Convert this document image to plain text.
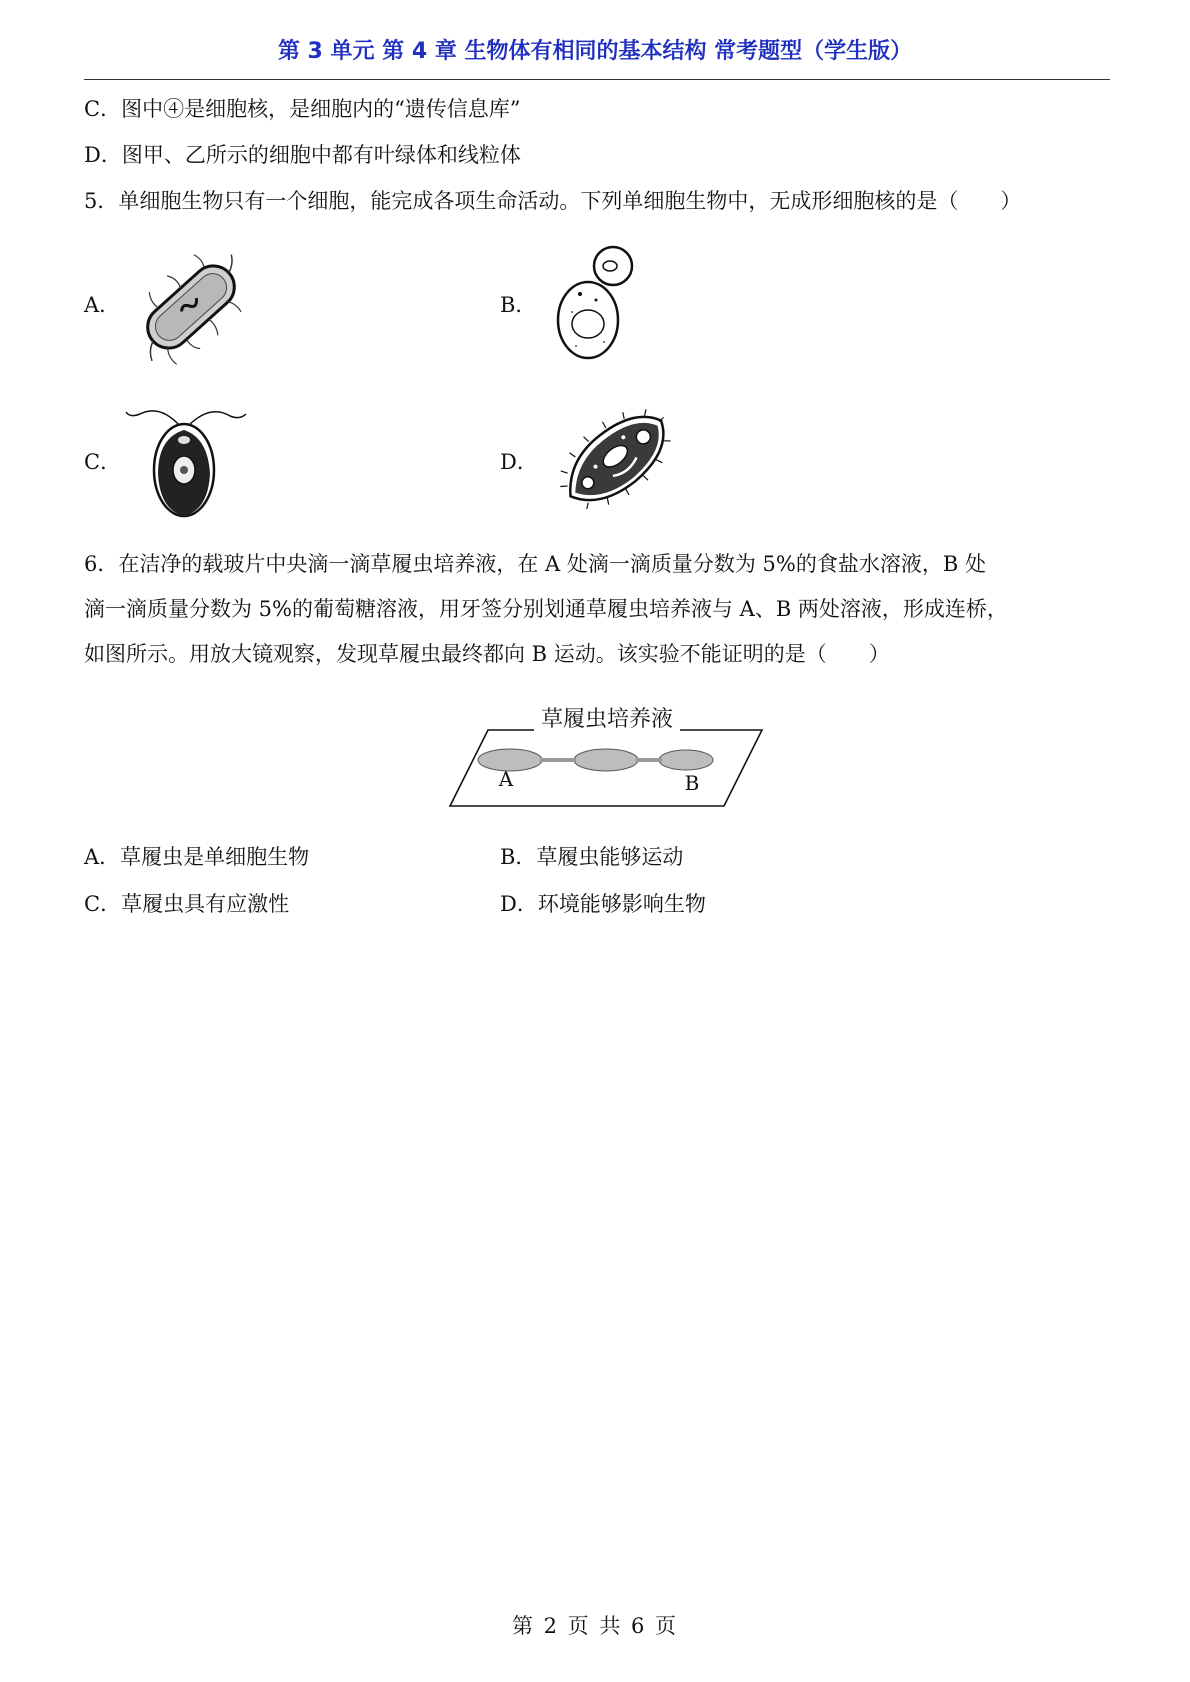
第 3 单元 第 4 章 生物体有相同的基本结构 常考题型（学生版）
C．图中④是细胞核，是细胞内的“遗传信息库”
D．图甲、乙所示的细胞中都有叶绿体和线粒体
5．单细胞生物只有一个细胞，能完成各项生命活动。下列单细胞生物中，无成形细胞核的是（　　）
A．	B．
C．	D．
6．在洁净的载玻片中央滴一滴草履虫培养液，在 A 处滴一滴质量分数为 5%的食盐水溶液，B 处
滴一滴质量分数为 5%的葡萄糖溶液，用牙签分别划通草履虫培养液与 A、B 两处溶液，形成连桥，
如图所示。用放大镜观察，发现草履虫最终都向 B 运动。该实验不能证明的是（　　）
草履虫培养液
A	B
A．草履虫是单细胞生物	B．草履虫能够运动
C．草履虫具有应激性	D．环境能够影响生物
第 2 页 共 6 页
